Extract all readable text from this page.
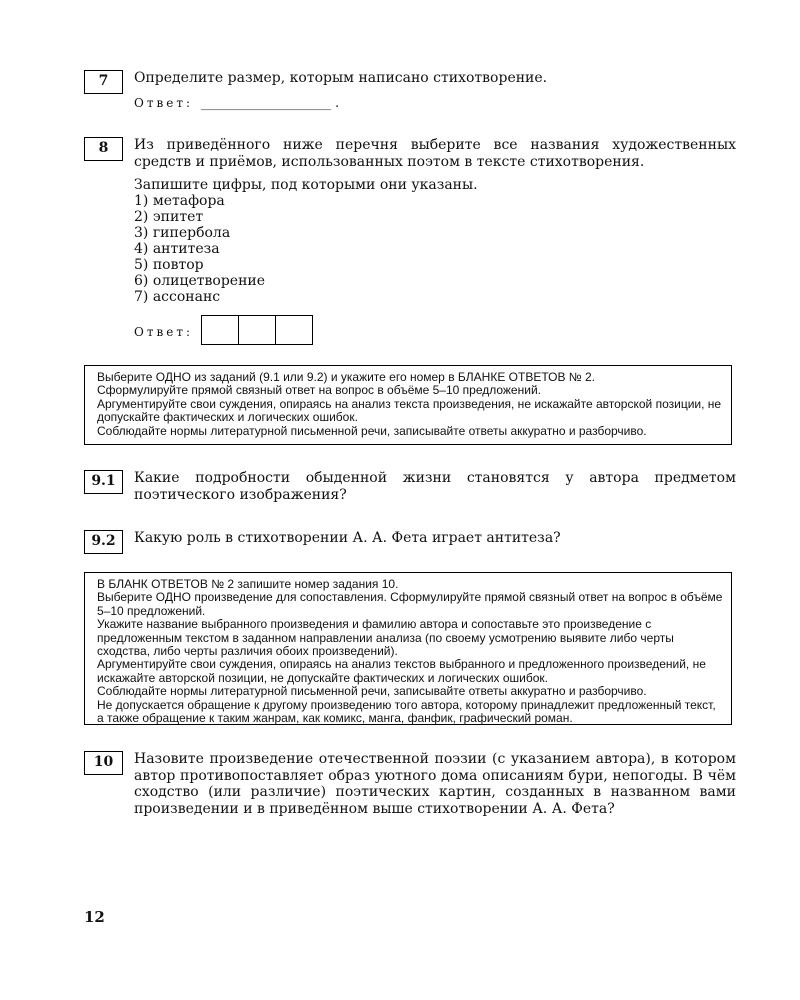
7	Определите размер, которым написано стихотворение.
Ответ: ____________________ .
8	Из приведённого ниже перечня выберите все названия художественных средств и приёмов, использованных поэтом в тексте стихотворения.
Запишите цифры, под которыми они указаны.
1) метафора
2) эпитет
3) гипербола
4) антитеза
5) повтор
6) олицетворение
7) ассонанс
Ответ:

Выберите ОДНО из заданий (9.1 или 9.2) и укажите его номер в БЛАНКЕ ОТВЕТОВ № 2.

Сформулируйте прямой связный ответ на вопрос в объёме 5–10 предложений.

Аргументируйте свои суждения, опираясь на анализ текста произведения, не искажайте авторской позиции, не допускайте фактических и логических ошибок.

Соблюдайте нормы литературной письменной речи, записывайте ответы аккуратно и разборчиво.

9.1	Какие подробности обыденной жизни становятся у автора предметом поэтического изображения?
9.2	Какую роль в стихотворении А. А. Фета играет антитеза?

В БЛАНК ОТВЕТОВ № 2 запишите номер задания 10.

Выберите ОДНО произведение для сопоставления. Сформулируйте прямой связный ответ на вопрос в объёме 5–10 предложений.

Укажите название выбранного произведения и фамилию автора и сопоставьте это произведение с предложенным текстом в заданном направлении анализа (по своему усмотрению выявите либо черты сходства, либо черты различия обоих произведений).

Аргументируйте свои суждения, опираясь на анализ текстов выбранного и предложенного произведений, не искажайте авторской позиции, не допускайте фактических и логических ошибок.

Соблюдайте нормы литературной письменной речи, записывайте ответы аккуратно и разборчиво.

Не допускается обращение к другому произведению того автора, которому принадлежит предложенный текст, а также обращение к таким жанрам, как комикс, манга, фанфик, графический роман.

10	Назовите произведение отечественной поэзии (с указанием автора), в котором автор противопоставляет образ уютного дома описаниям бури, непогоды. В чём сходство (или различие) поэтических картин, созданных в названном вами произведении и в приведённом выше стихотворении А. А. Фета?
12
